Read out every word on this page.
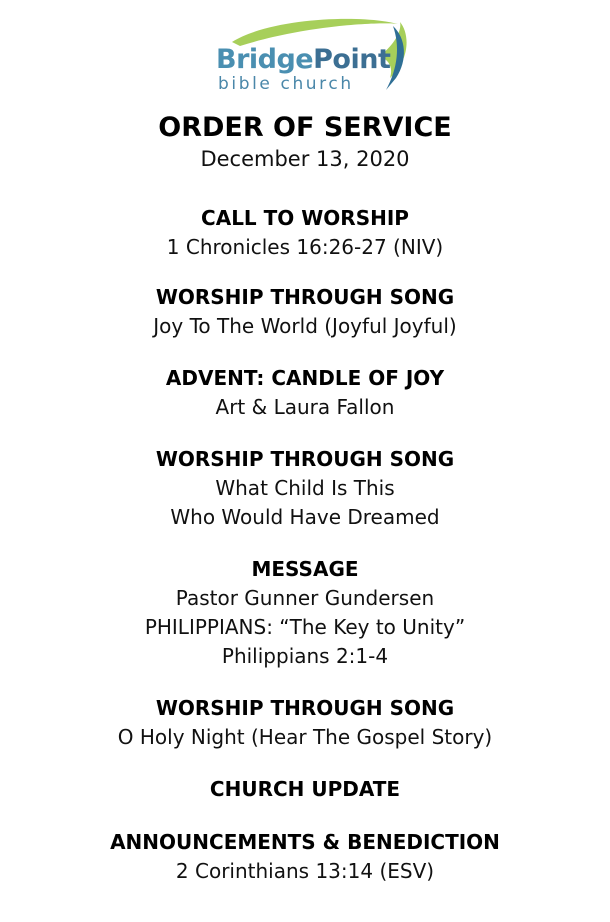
BridgePoint
bible church
ORDER OF SERVICE
December 13, 2020
CALL TO WORSHIP
1 Chronicles 16:26-27 (NIV)
WORSHIP THROUGH SONG
Joy To The World (Joyful Joyful)
ADVENT: CANDLE OF JOY
Art & Laura Fallon
WORSHIP THROUGH SONG
What Child Is This
Who Would Have Dreamed
MESSAGE
Pastor Gunner Gundersen
PHILIPPIANS: “The Key to Unity”
Philippians 2:1-4
WORSHIP THROUGH SONG
O Holy Night (Hear The Gospel Story)
CHURCH UPDATE
ANNOUNCEMENTS & BENEDICTION
2 Corinthians 13:14 (ESV)
